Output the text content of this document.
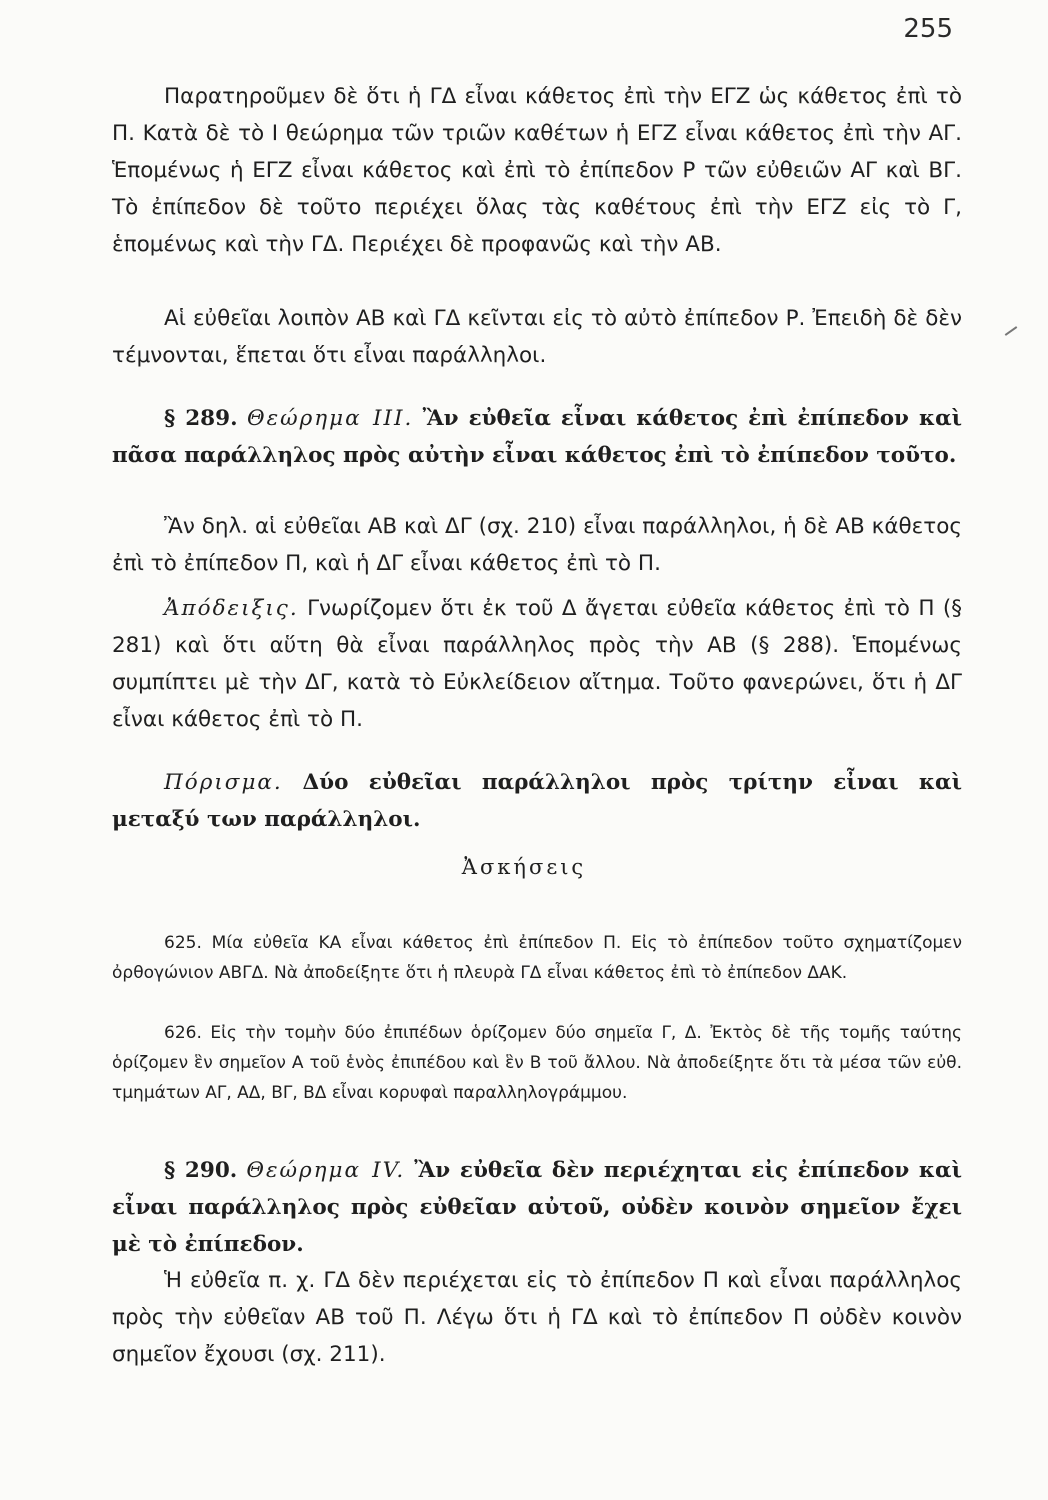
255

Παρατηροῦμεν δὲ ὅτι ἡ ΓΔ εἶναι κάθετος ἐπὶ τὴν ΕΓΖ ὡς κάθετος ἐπὶ τὸ Π. Κατὰ δὲ τὸ Ι θεώρημα τῶν τριῶν καθέτων ἡ ΕΓΖ εἶναι κάθετος ἐπὶ τὴν ΑΓ. Ἑπομένως ἡ ΕΓΖ εἶναι κάθετος καὶ ἐπὶ τὸ ἐπίπεδον Ρ τῶν εὐθειῶν ΑΓ καὶ ΒΓ. Τὸ ἐπίπεδον δὲ τοῦτο περιέχει ὅλας τὰς καθέτους ἐπὶ τὴν ΕΓΖ εἰς τὸ Γ, ἑπομένως καὶ τὴν ΓΔ. Περιέχει δὲ προφανῶς καὶ τὴν ΑΒ.

Αἱ εὐθεῖαι λοιπὸν ΑΒ καὶ ΓΔ κεῖνται εἰς τὸ αὐτὸ ἐπίπεδον Ρ. Ἐπειδὴ δὲ δὲν τέμνονται, ἕπεται ὅτι εἶναι παράλληλοι.

§ 289. Θεώρημα ΙΙΙ. Ἂν εὐθεῖα εἶναι κάθετος ἐπὶ ἐπίπεδον καὶ πᾶσα παράλληλος πρὸς αὐτὴν εἶναι κάθετος ἐπὶ τὸ ἐπίπεδον τοῦτο.

Ἂν δηλ. αἱ εὐθεῖαι ΑΒ καὶ ΔΓ (σχ. 210) εἶναι παράλληλοι, ἡ δὲ ΑΒ κάθετος ἐπὶ τὸ ἐπίπεδον Π, καὶ ἡ ΔΓ εἶναι κάθετος ἐπὶ τὸ Π.

Ἀπόδειξις. Γνωρίζομεν ὅτι ἐκ τοῦ Δ ἄγεται εὐθεῖα κάθετος ἐπὶ τὸ Π (§ 281) καὶ ὅτι αὕτη θὰ εἶναι παράλληλος πρὸς τὴν ΑΒ (§ 288). Ἑπομένως συμπίπτει μὲ τὴν ΔΓ, κατὰ τὸ Εὐκλείδειον αἴτημα. Τοῦτο φανερώνει, ὅτι ἡ ΔΓ εἶναι κάθετος ἐπὶ τὸ Π.

Πόρισμα. Δύο εὐθεῖαι παράλληλοι πρὸς τρίτην εἶναι καὶ μεταξύ των παράλληλοι.

Ἀσκήσεις

625. Μία εὐθεῖα ΚΑ εἶναι κάθετος ἐπὶ ἐπίπεδον Π. Εἰς τὸ ἐπίπεδον τοῦτο σχηματίζομεν ὀρθογώνιον ΑΒΓΔ. Νὰ ἀποδείξητε ὅτι ἡ πλευρὰ ΓΔ εἶναι κάθετος ἐπὶ τὸ ἐπίπεδον ΔΑΚ.

626. Εἰς τὴν τομὴν δύο ἐπιπέδων ὁρίζομεν δύο σημεῖα Γ, Δ. Ἐκτὸς δὲ τῆς τομῆς ταύτης ὁρίζομεν ἓν σημεῖον Α τοῦ ἑνὸς ἐπιπέδου καὶ ἓν Β τοῦ ἄλλου. Νὰ ἀποδείξητε ὅτι τὰ μέσα τῶν εὐθ. τμημάτων ΑΓ, ΑΔ, ΒΓ, ΒΔ εἶναι κορυφαὶ παραλληλογράμμου.

§ 290. Θεώρημα IV. Ἂν εὐθεῖα δὲν περιέχηται εἰς ἐπίπεδον καὶ εἶναι παράλληλος πρὸς εὐθεῖαν αὐτοῦ, οὐδὲν κοινὸν σημεῖον ἔχει μὲ τὸ ἐπίπεδον.

Ἡ εὐθεῖα π. χ. ΓΔ δὲν περιέχεται εἰς τὸ ἐπίπεδον Π καὶ εἶναι παράλληλος πρὸς τὴν εὐθεῖαν ΑΒ τοῦ Π. Λέγω ὅτι ἡ ΓΔ καὶ τὸ ἐπίπεδον Π οὐδὲν κοινὸν σημεῖον ἔχουσι (σχ. 211).
